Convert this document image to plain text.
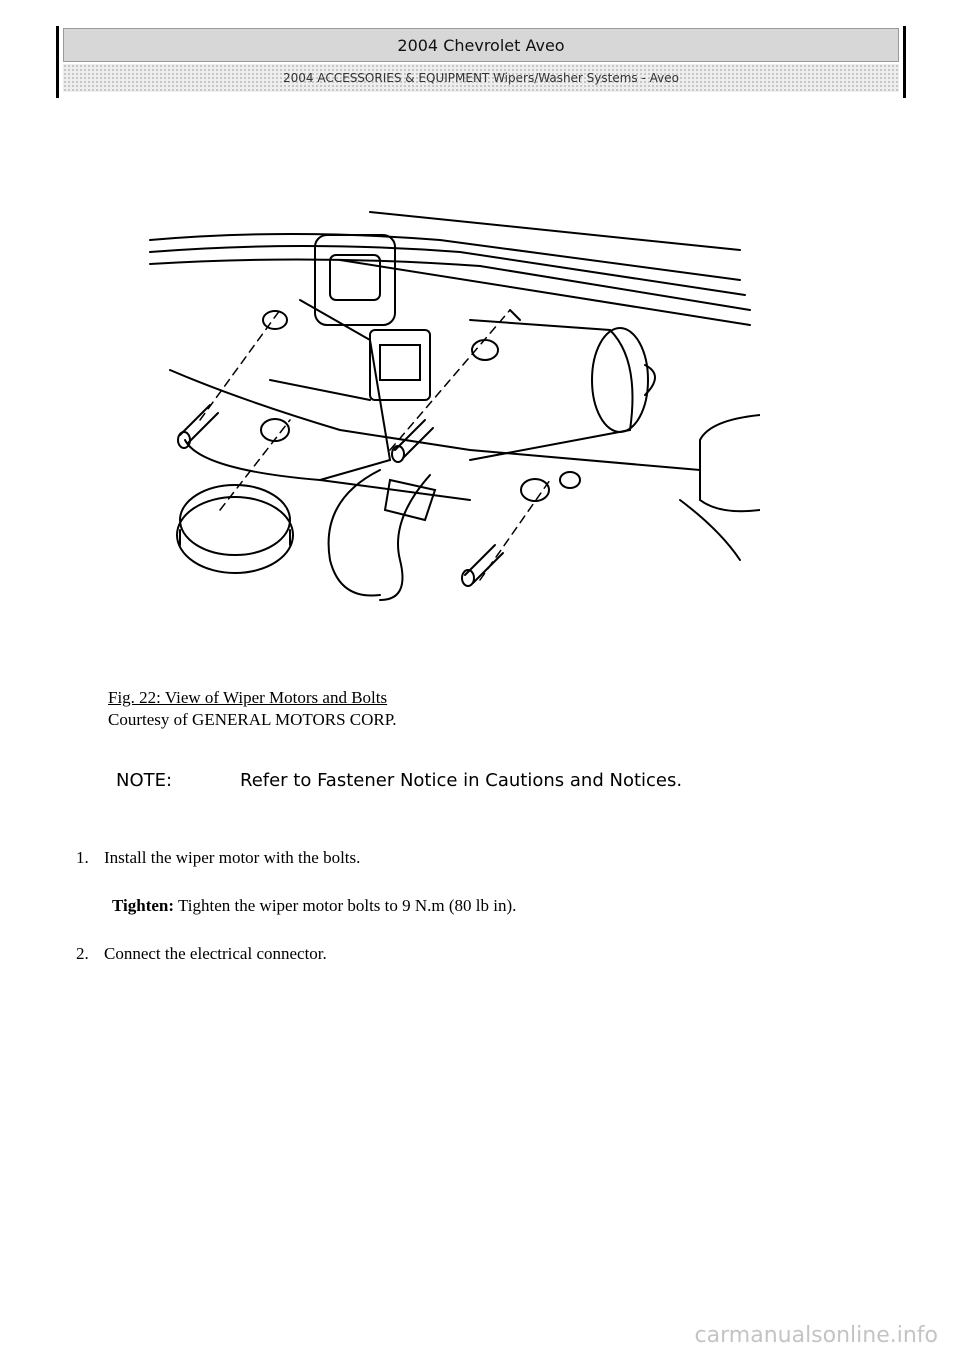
2004 Chevrolet Aveo
2004 ACCESSORIES & EQUIPMENT Wipers/Washer Systems - Aveo
Fig. 22: View of Wiper Motors and Bolts
Courtesy of GENERAL MOTORS CORP.
NOTE:	Refer to Fastener Notice in Cautions and Notices.
1. Install the wiper motor with the bolts.
Tighten: Tighten the wiper motor bolts to 9 N.m (80 lb in).
2. Connect the electrical connector.
carmanualsonline.info
